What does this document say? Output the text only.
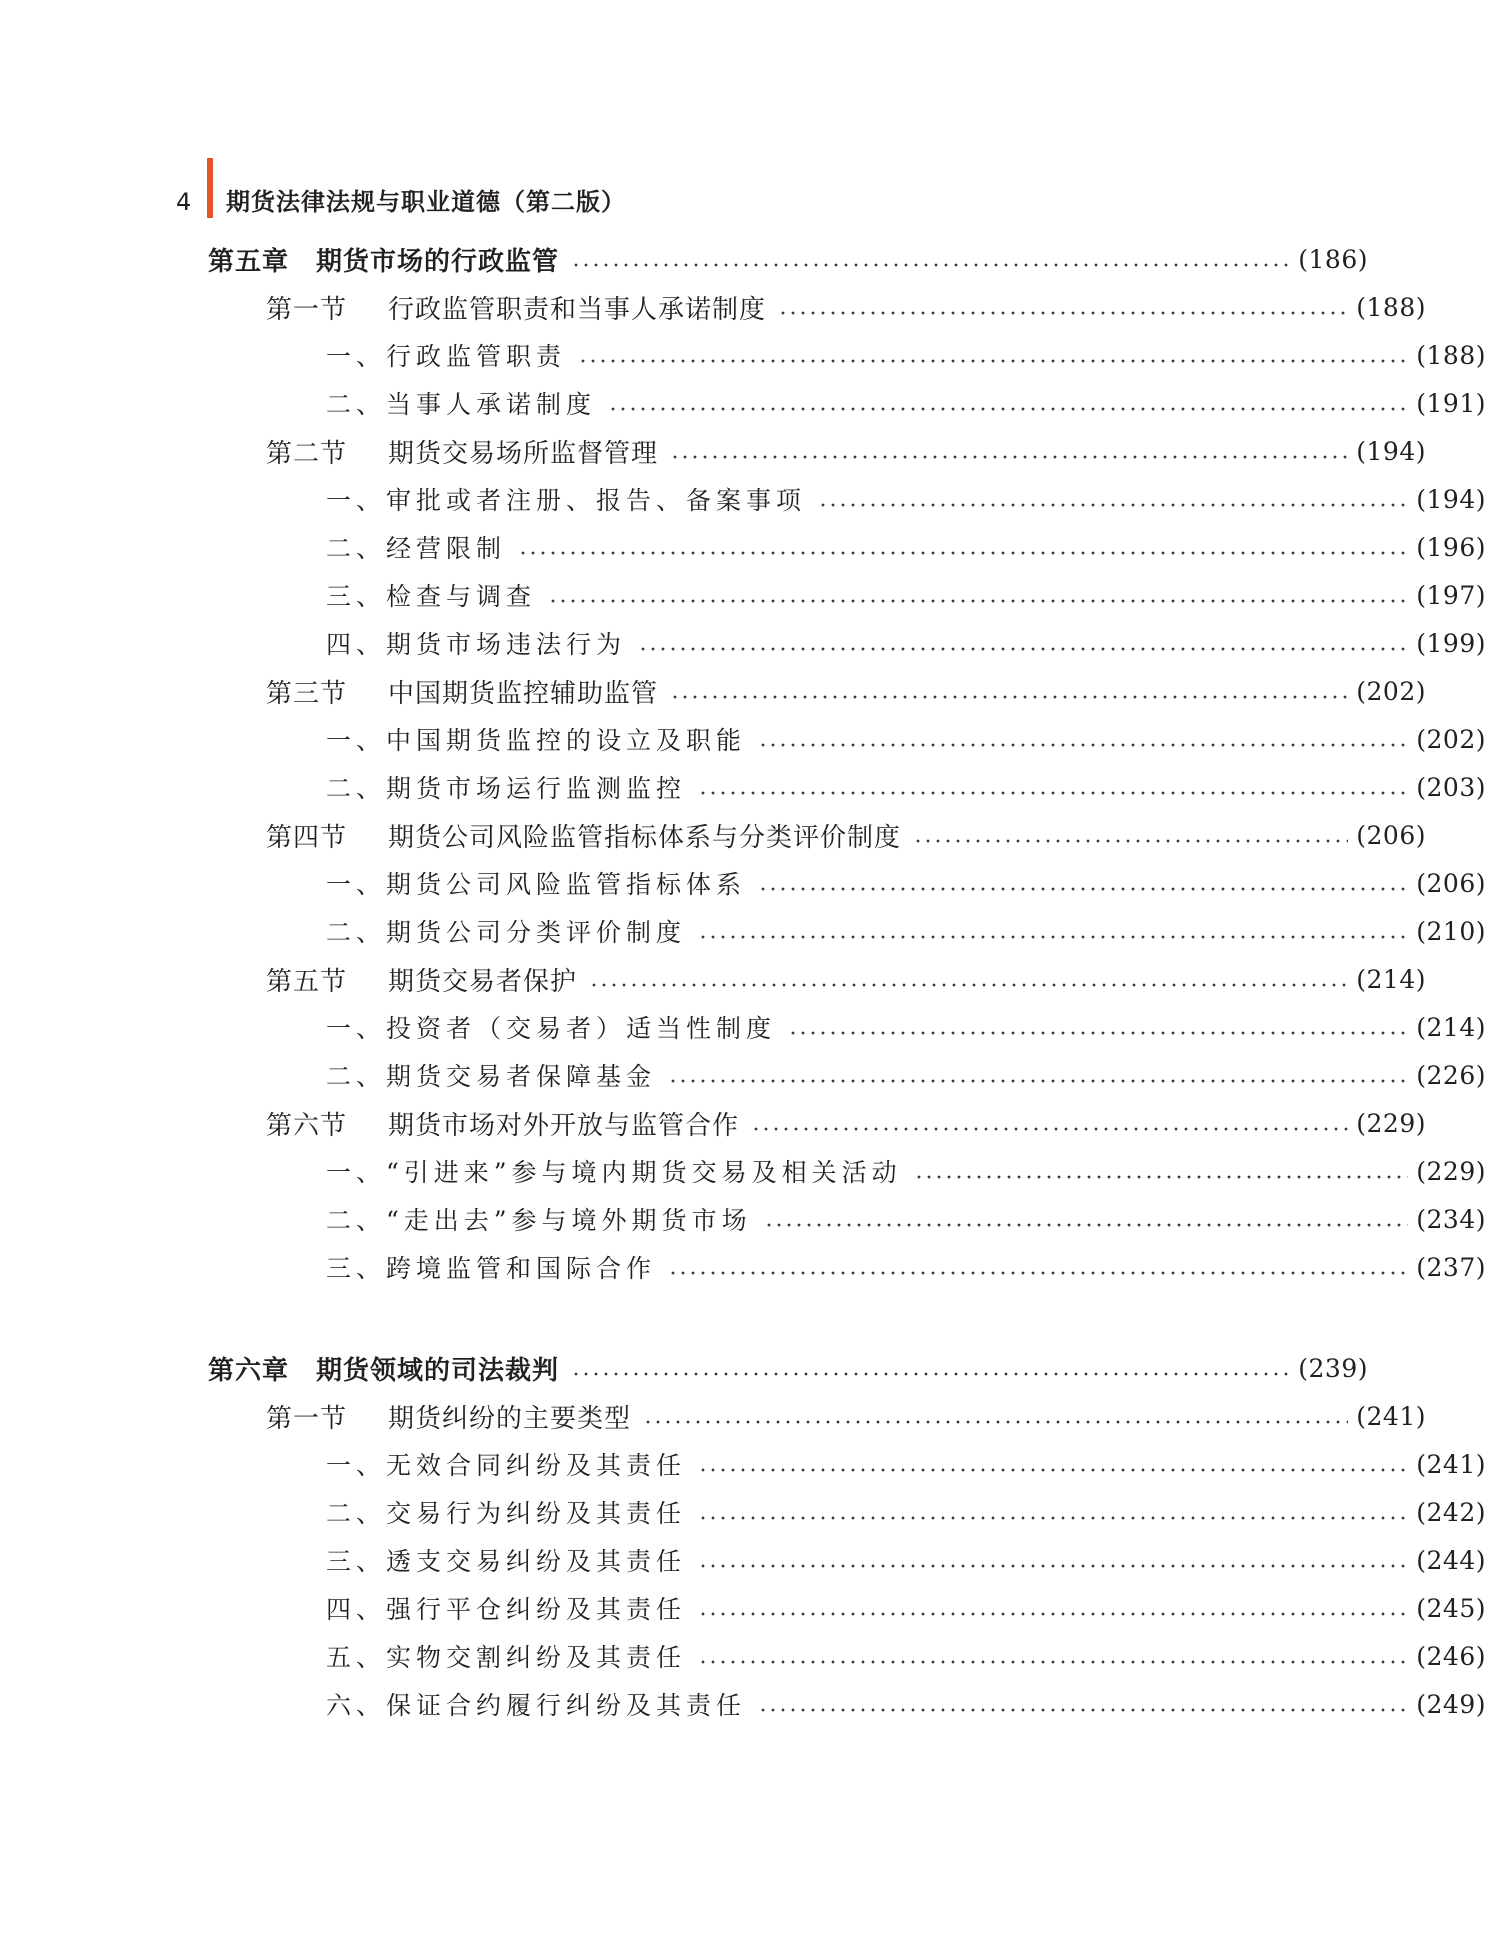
4 期货法律法规与职业道德（第二版）
第五章　期货市场的行政监管	(186)
第一节 行政监管职责和当事人承诺制度	(188)
一、行政监管职责	(188)
二、当事人承诺制度	(191)
第二节 期货交易场所监督管理	(194)
一、审批或者注册、报告、备案事项	(194)
二、经营限制	(196)
三、检查与调查	(197)
四、期货市场违法行为	(199)
第三节 中国期货监控辅助监管	(202)
一、中国期货监控的设立及职能	(202)
二、期货市场运行监测监控	(203)
第四节 期货公司风险监管指标体系与分类评价制度	(206)
一、期货公司风险监管指标体系	(206)
二、期货公司分类评价制度	(210)
第五节 期货交易者保护	(214)
一、投资者（交易者）适当性制度	(214)
二、期货交易者保障基金	(226)
第六节 期货市场对外开放与监管合作	(229)
一、“引进来”参与境内期货交易及相关活动	(229)
二、“走出去”参与境外期货市场	(234)
三、跨境监管和国际合作	(237)
第六章　期货领域的司法裁判	(239)
第一节 期货纠纷的主要类型	(241)
一、无效合同纠纷及其责任	(241)
二、交易行为纠纷及其责任	(242)
三、透支交易纠纷及其责任	(244)
四、强行平仓纠纷及其责任	(245)
五、实物交割纠纷及其责任	(246)
六、保证合约履行纠纷及其责任	(249)
